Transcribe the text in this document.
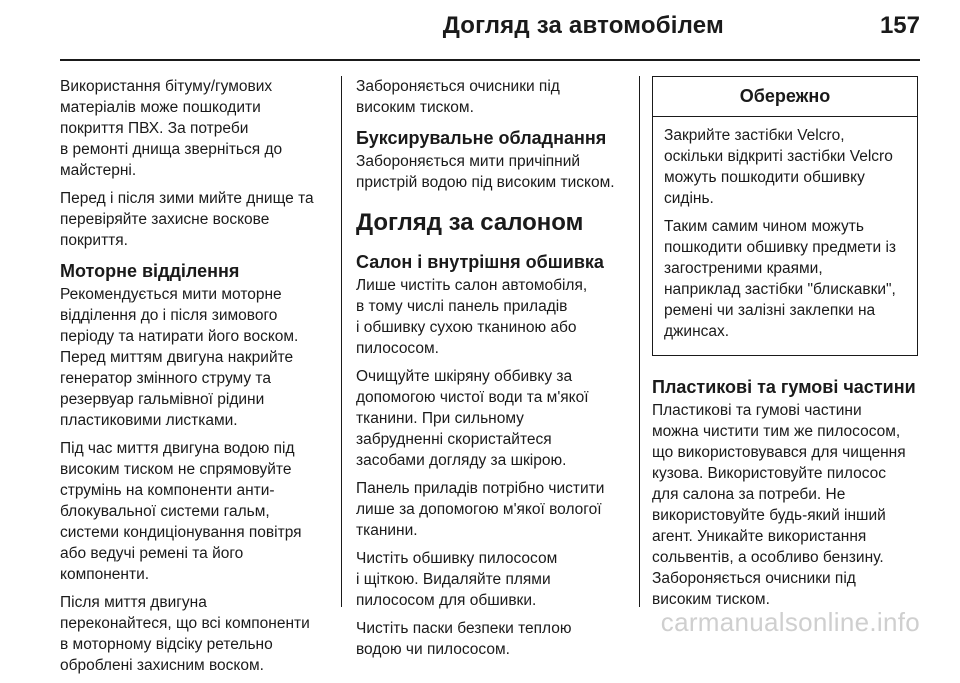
Догляд за автомобілем	157

Використання бітуму/гумових
матеріалів може пошкодити
покриття ПВХ. За потреби
в ремонті днища зверніться до
майстерні.

Перед і після зими мийте днище та
перевіряйте захисне воскове
покриття.

Моторне відділення

Рекомендується мити моторне
відділення до і після зимового
періоду та натирати його воском.
Перед миттям двигуна накрийте
генератор змінного струму та
резервуар гальмівної рідини
пластиковими листками.

Під час миття двигуна водою під
високим тиском не спрямовуйте
струмінь на компоненти анти-
блокувальної системи гальм,
системи кондиціонування повітря
або ведучі ремені та його
компоненти.

Після миття двигуна
переконайтеся, що всі компоненти
в моторному відсіку ретельно
оброблені захисним воском.

Забороняється очисники під
високим тиском.

Буксирувальне обладнання

Забороняється мити причіпний
пристрій водою під високим тиском.

Догляд за салоном
Салон і внутрішня обшивка

Лише чистіть салон автомобіля,
в тому числі панель приладів
і обшивку сухою тканиною або
пилососом.

Очищуйте шкіряну оббивку за
допомогою чистої води та м'якої
тканини. При сильному
забрудненні скористайтеся
засобами догляду за шкірою.

Панель приладів потрібно чистити
лише за допомогою м'якої вологої
тканини.

Чистіть обшивку пилососом
і щіткою. Видаляйте плями
пилососом для обшивки.

Чистіть паски безпеки теплою
водою чи пилососом.

Обережно

Закрийте застібки Velcro,
оскільки відкриті застібки Velcro
можуть пошкодити обшивку
сидінь.

Таким самим чином можуть
пошкодити обшивку предмети із
загостреними краями,
наприклад застібки "блискавки",
ремені чи залізні заклепки на
джинсах.

Пластикові та гумові частини

Пластикові та гумові частини
можна чистити тим же пилососом,
що використовувався для чищення
кузова. Використовуйте пилосос
для салона за потреби. Не
використовуйте будь-який інший
агент. Уникайте використання
сольвентів, а особливо бензину.
Забороняється очисники під
високим тиском.

carmanualsonline.info
